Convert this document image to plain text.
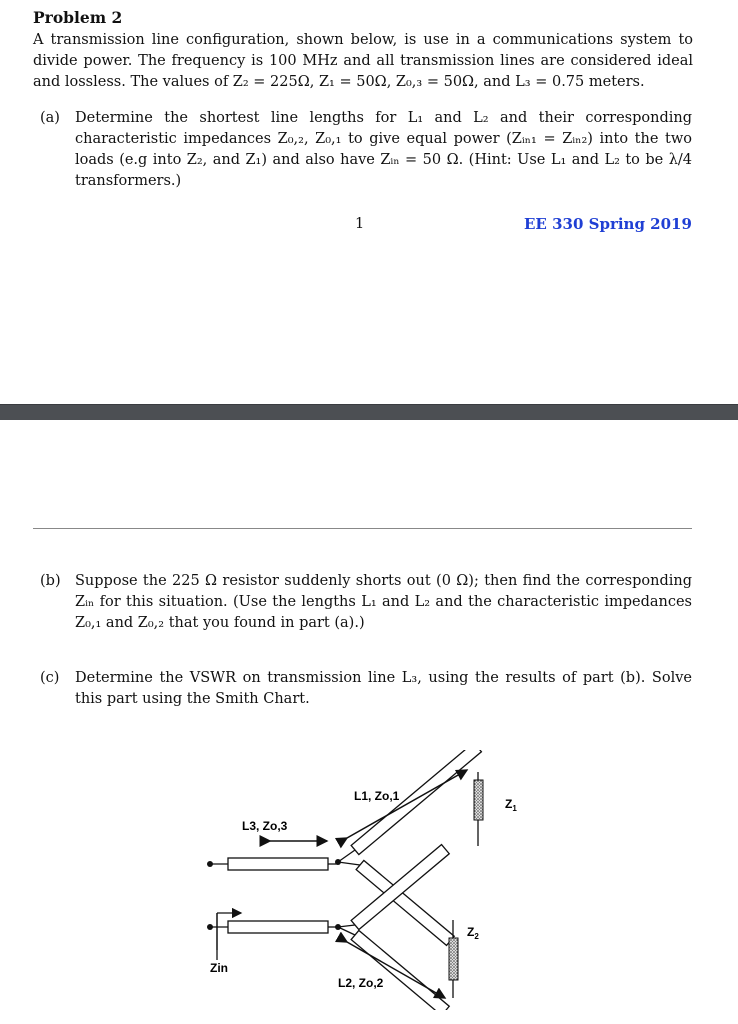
Problem 2
A transmission line configuration, shown below, is use in a communications system to divide power. The frequency is 100 MHz and all transmission lines are considered ideal and lossless. The values of Z₂ = 225Ω, Z₁ = 50Ω, Z₀,₃ = 50Ω, and L₃ = 0.75 meters.
(a) Determine the shortest line lengths for L₁ and L₂ and their corresponding characteristic impedances Z₀,₂, Z₀,₁ to give equal power (Zᵢₙ₁ = Zᵢₙ₂) into the two loads (e.g into Z₂, and Z₁) and also have Zᵢₙ = 50 Ω. (Hint: Use L₁ and L₂ to be λ/4 transformers.)
1	EE 330 Spring 2019
(b) Suppose the 225 Ω resistor suddenly shorts out (0 Ω); then find the corresponding Zᵢₙ for this situation. (Use the lengths L₁ and L₂ and the characteristic impedances Z₀,₁ and Z₀,₂ that you found in part (a).)
(c) Determine the VSWR on transmission line L₃, using the results of part (b). Solve this part using the Smith Chart.
L1, Zo,1
L3, Zo,3
Zin
L2, Zo,2
$Z_1$
$Z_2$
